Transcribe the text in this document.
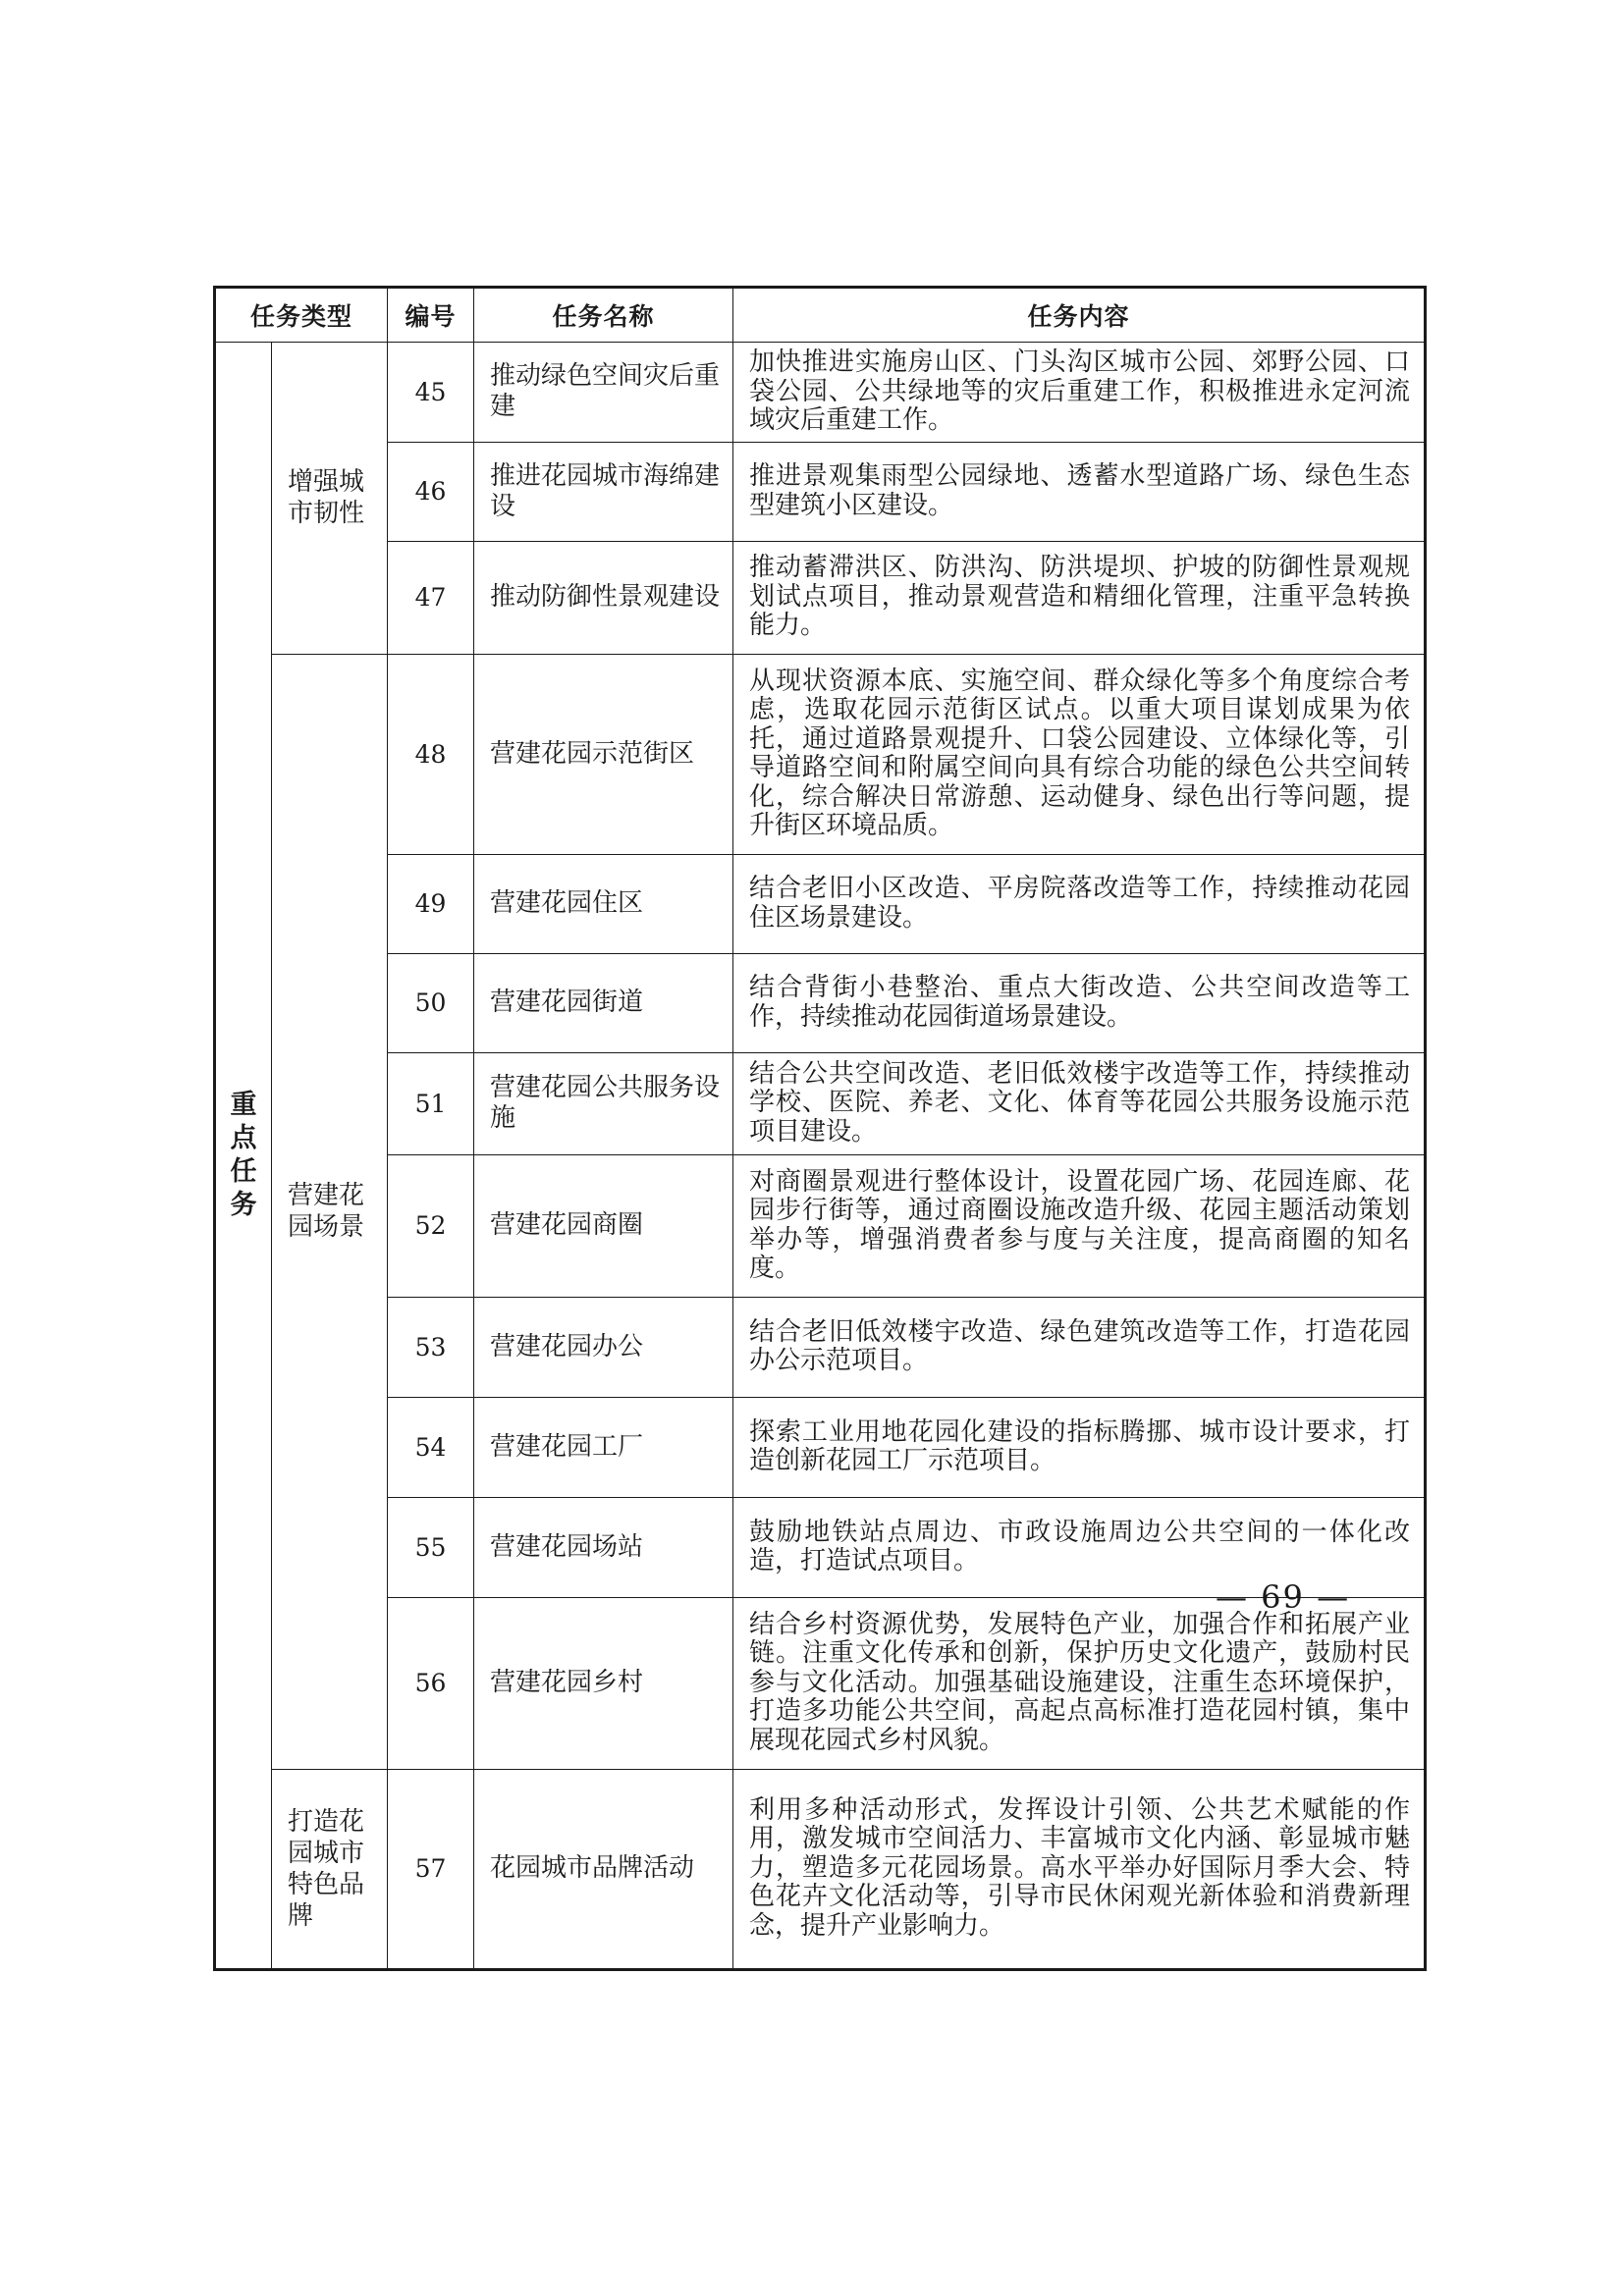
任务类型		编号	任务名称	任务内容
重点任务	增强城市韧性	45	推动绿色空间灾后重建	加快推进实施房山区、门头沟区城市公园、郊野公园、口袋公园、公共绿地等的灾后重建工作，积极推进永定河流域灾后重建工作。
		46	推进花园城市海绵建设	推进景观集雨型公园绿地、透蓄水型道路广场、绿色生态型建筑小区建设。
		47	推动防御性景观建设	推动蓄滞洪区、防洪沟、防洪堤坝、护坡的防御性景观规划试点项目，推动景观营造和精细化管理，注重平急转换能力。
	营建花园场景	48	营建花园示范街区	从现状资源本底、实施空间、群众绿化等多个角度综合考虑，选取花园示范街区试点。以重大项目谋划成果为依托，通过道路景观提升、口袋公园建设、立体绿化等，引导道路空间和附属空间向具有综合功能的绿色公共空间转化，综合解决日常游憩、运动健身、绿色出行等问题，提升街区环境品质。
		49	营建花园住区	结合老旧小区改造、平房院落改造等工作，持续推动花园住区场景建设。
		50	营建花园街道	结合背街小巷整治、重点大街改造、公共空间改造等工作，持续推动花园街道场景建设。
		51	营建花园公共服务设施	结合公共空间改造、老旧低效楼宇改造等工作，持续推动学校、医院、养老、文化、体育等花园公共服务设施示范项目建设。
		52	营建花园商圈	对商圈景观进行整体设计，设置花园广场、花园连廊、花园步行街等，通过商圈设施改造升级、花园主题活动策划举办等，增强消费者参与度与关注度，提高商圈的知名度。
		53	营建花园办公	结合老旧低效楼宇改造、绿色建筑改造等工作，打造花园办公示范项目。
		54	营建花园工厂	探索工业用地花园化建设的指标腾挪、城市设计要求，打造创新花园工厂示范项目。
		55	营建花园场站	鼓励地铁站点周边、市政设施周边公共空间的一体化改造，打造试点项目。
		56	营建花园乡村	结合乡村资源优势，发展特色产业，加强合作和拓展产业链。注重文化传承和创新，保护历史文化遗产，鼓励村民参与文化活动。加强基础设施建设，注重生态环境保护，打造多功能公共空间，高起点高标准打造花园村镇，集中展现花园式乡村风貌。
	打造花园城市特色品牌	57	花园城市品牌活动	利用多种活动形式，发挥设计引领、公共艺术赋能的作用，激发城市空间活力、丰富城市文化内涵、彰显城市魅力，塑造多元花园场景。高水平举办好国际月季大会、特色花卉文化活动等，引导市民休闲观光新体验和消费新理念，提升产业影响力。
— 69 —
